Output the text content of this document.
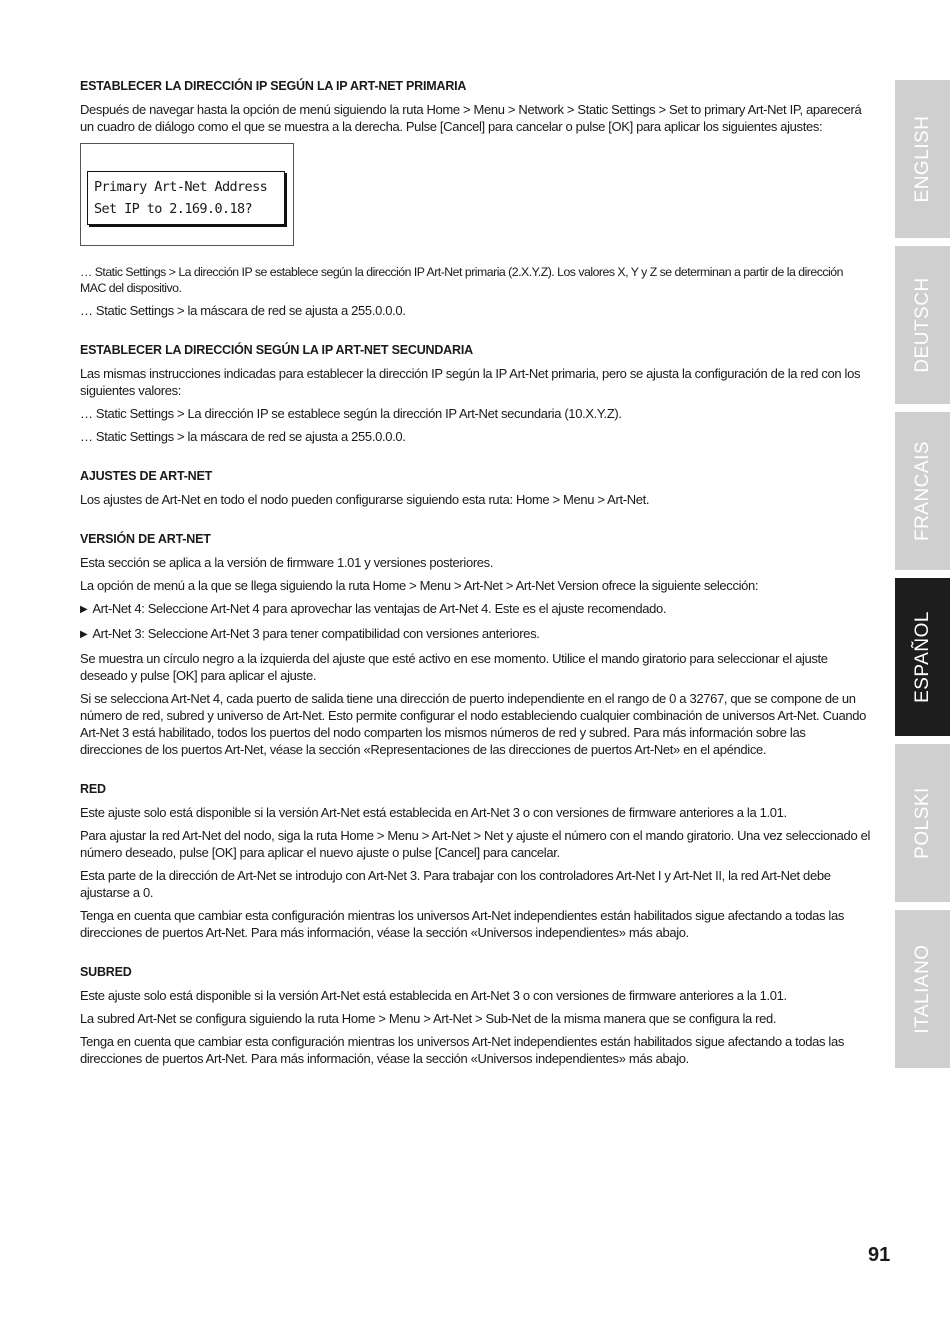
ESTABLECER LA DIRECCIÓN IP SEGÚN LA IP ART-NET PRIMARIA

Después de navegar hasta la opción de menú siguiendo la ruta Home > Menu > Network > Static Settings > Set to primary Art-Net IP, aparecerá un cuadro de diálogo como el que se muestra a la derecha. Pulse [Cancel] para cancelar o pulse [OK] para aplicar los siguientes ajustes:

Primary Art-Net Address
Set IP to 2.169.0.18?

… Static Settings > La dirección IP se establece según la dirección IP Art-Net primaria (2.X.Y.Z). Los valores X, Y y Z se determinan a partir de la dirección MAC del dispositivo.

… Static Settings > la máscara de red se ajusta a 255.0.0.0.

ESTABLECER LA DIRECCIÓN SEGÚN LA IP ART-NET SECUNDARIA

Las mismas instrucciones indicadas para establecer la dirección IP según la IP Art-Net primaria, pero se ajusta la configuración de la red con los siguientes valores:

… Static Settings > La dirección IP se establece según la dirección IP Art-Net secundaria (10.X.Y.Z).

… Static Settings > la máscara de red se ajusta a 255.0.0.0.

AJUSTES DE ART-NET

Los ajustes de Art-Net en todo el nodo pueden configurarse siguiendo esta ruta: Home > Menu > Art-Net.

VERSIÓN DE ART-NET

Esta sección se aplica a la versión de firmware 1.01 y versiones posteriores.

La opción de menú a la que se llega siguiendo la ruta Home > Menu > Art-Net > Art-Net Version ofrece la siguiente selección:

▶ Art-Net 4: Seleccione Art-Net 4 para aprovechar las ventajas de Art-Net 4. Este es el ajuste recomendado.

▶ Art-Net 3: Seleccione Art-Net 3 para tener compatibilidad con versiones anteriores.

Se muestra un círculo negro a la izquierda del ajuste que esté activo en ese momento. Utilice el mando giratorio para seleccionar el ajuste deseado y pulse [OK] para aplicar el ajuste.

Si se selecciona Art-Net 4, cada puerto de salida tiene una dirección de puerto independiente en el rango de 0 a 32767, que se compone de un número de red, subred y universo de Art-Net. Esto permite configurar el nodo estableciendo cualquier combinación de universos Art-Net. Cuando Art-Net 3 está habilitado, todos los puertos del nodo comparten los mismos números de red y subred. Para más información sobre las direcciones de los puertos Art-Net, véase la sección «Representaciones de las direcciones de puertos Art-Net» en el apéndice.

RED

Este ajuste solo está disponible si la versión Art-Net está establecida en Art-Net 3 o con versiones de firmware anteriores a la 1.01.

Para ajustar la red Art-Net del nodo, siga la ruta Home > Menu > Art-Net > Net y ajuste el número con el mando giratorio. Una vez seleccionado el número deseado, pulse [OK] para aplicar el nuevo ajuste o pulse [Cancel] para cancelar.

Esta parte de la dirección de Art-Net se introdujo con Art-Net 3. Para trabajar con los controladores Art-Net I y Art-Net II, la red Art-Net debe ajustarse a 0.

Tenga en cuenta que cambiar esta configuración mientras los universos Art-Net independientes están habilitados sigue afectando a todas las direcciones de puertos Art-Net. Para más información, véase la sección «Universos independientes» más abajo.

SUBRED

Este ajuste solo está disponible si la versión Art-Net está establecida en Art-Net 3 o con versiones de firmware anteriores a la 1.01.

La subred Art-Net se configura siguiendo la ruta Home > Menu > Art-Net > Sub-Net de la misma manera que se configura la red.

Tenga en cuenta que cambiar esta configuración mientras los universos Art-Net independientes están habilitados sigue afectando a todas las direcciones de puertos Art-Net. Para más información, véase la sección «Universos independientes» más abajo.

ENGLISH
DEUTSCH
FRANCAIS
ESPAÑOL
POLSKI
ITALIANO
91
